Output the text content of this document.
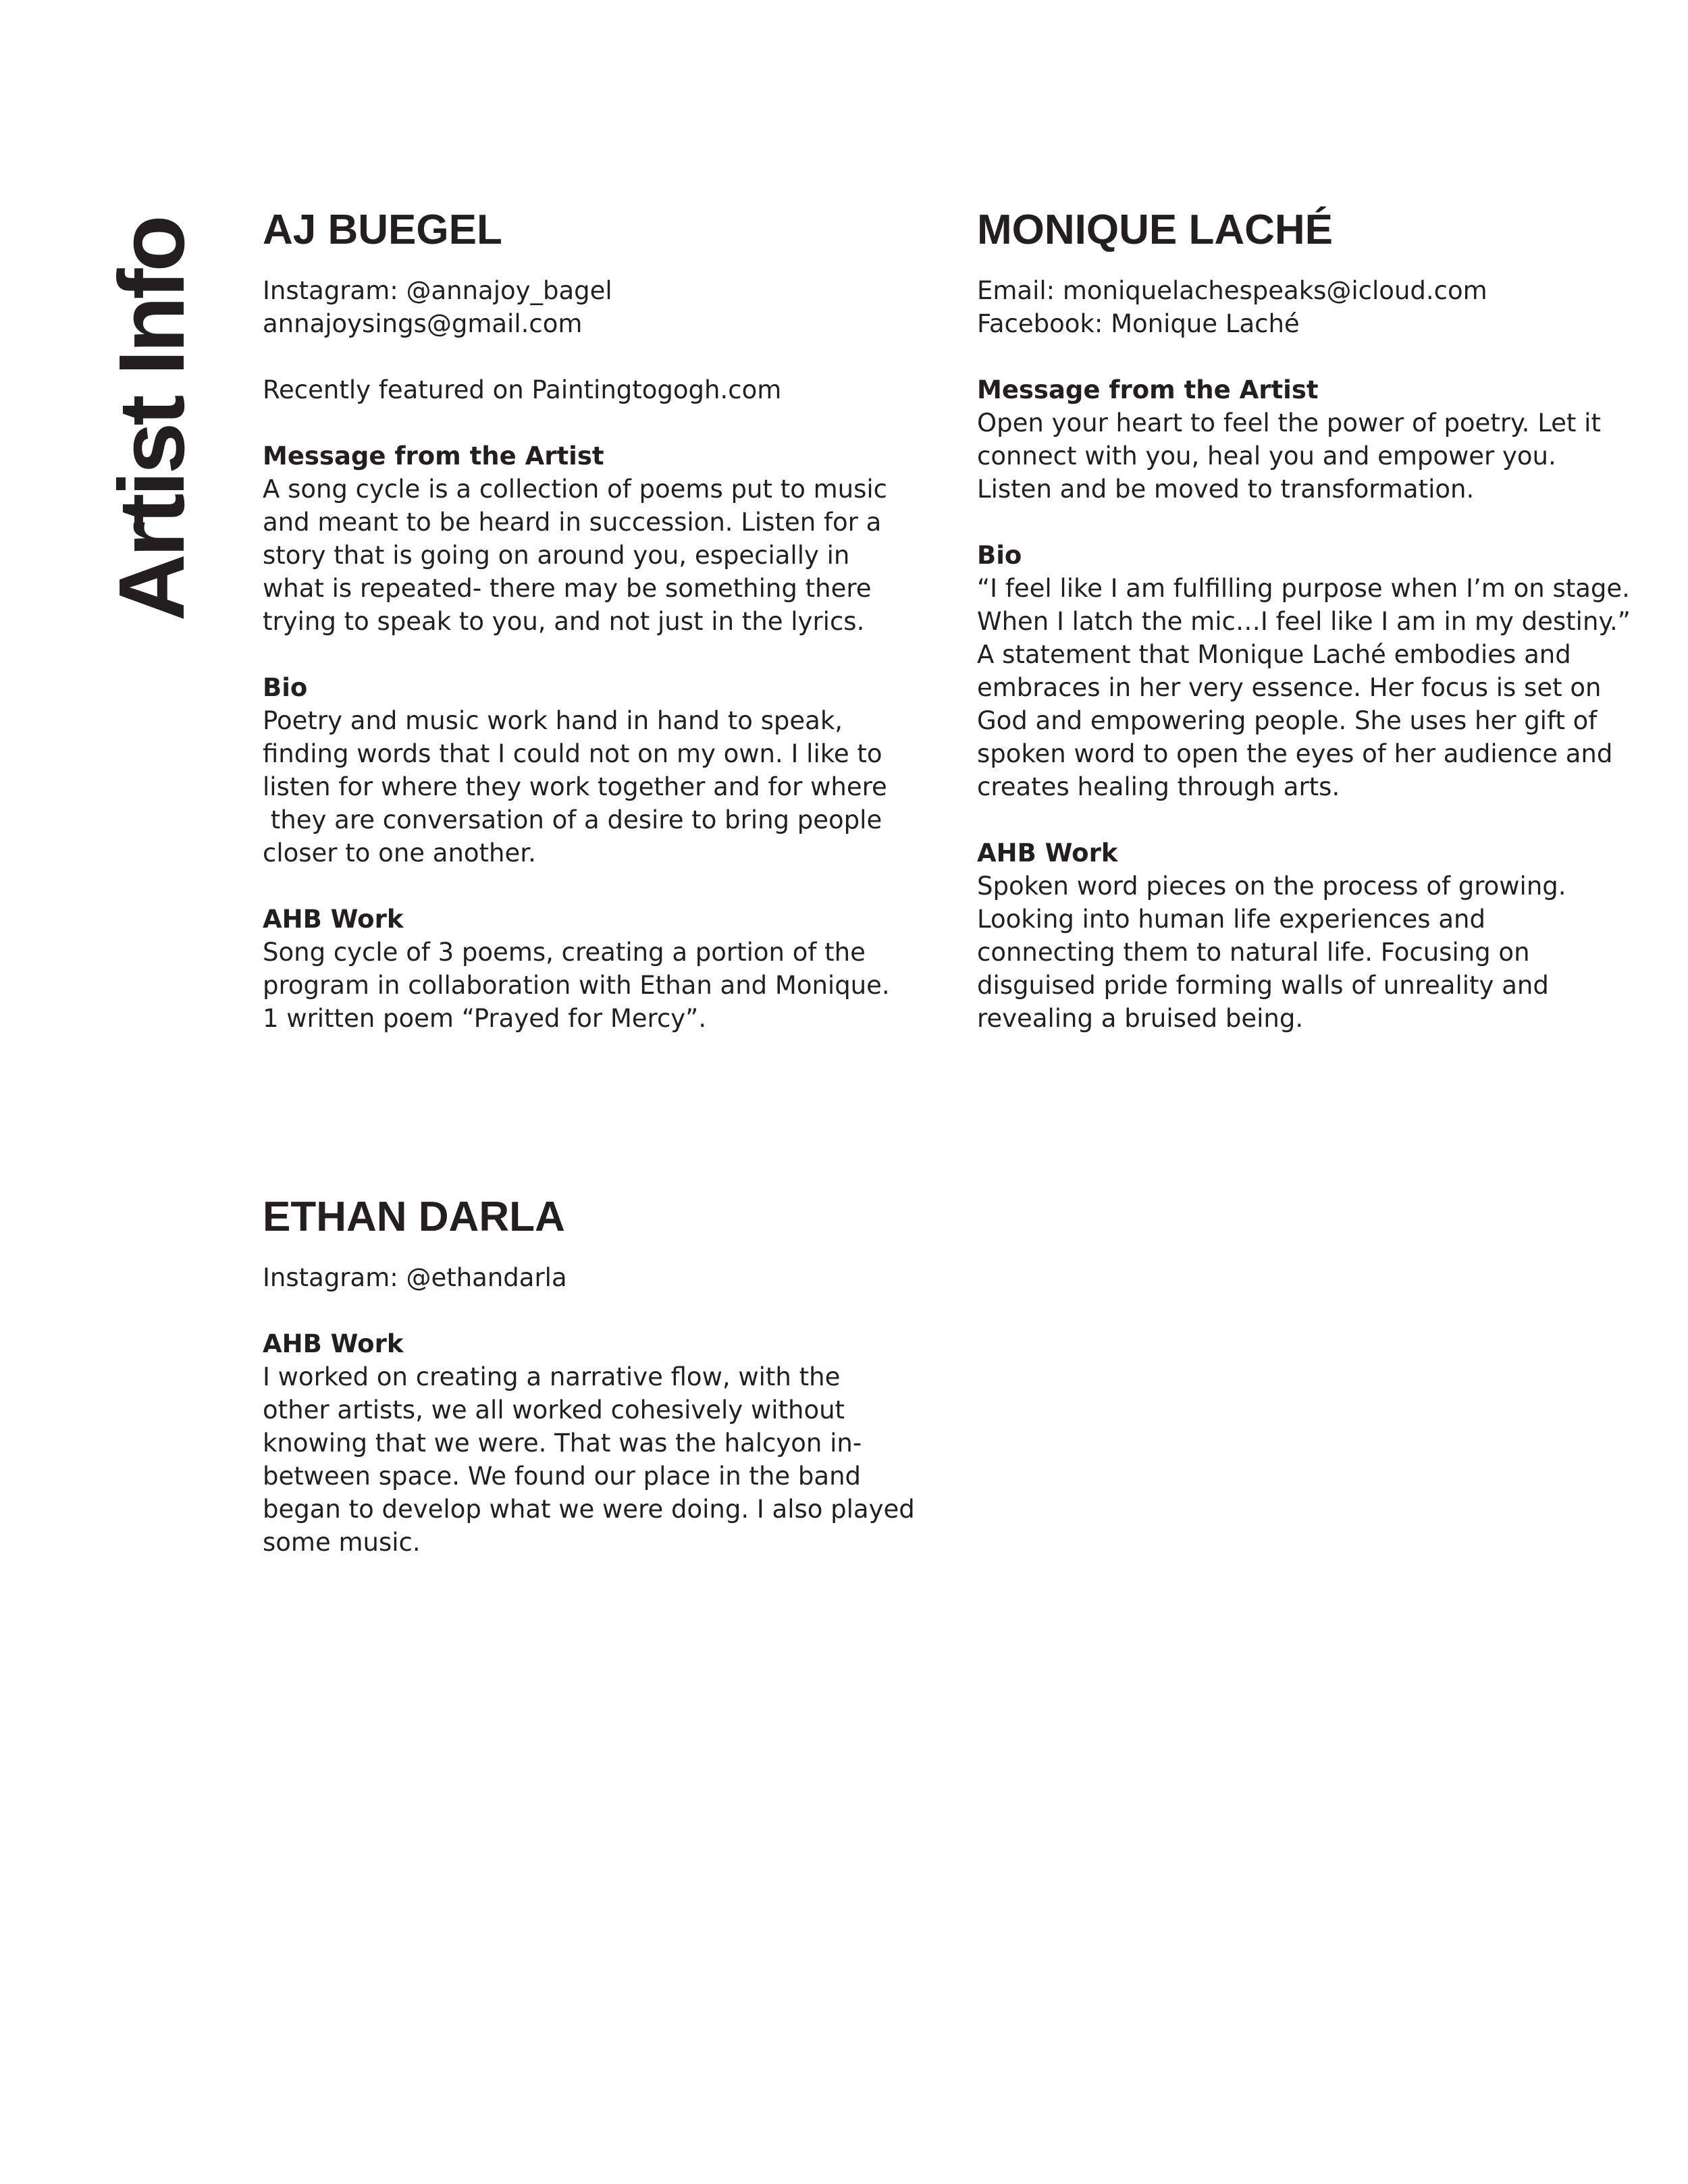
Artist Info AJ BUEGEL
Instagram: @annajoy_bagel
annajoysings@gmail.com
Recently featured on Paintingtogogh.com
Message from the Artist
A song cycle is a collection of poems put to music
and meant to be heard in succession. Listen for a
story that is going on around you, especially in
what is repeated- there may be something there
trying to speak to you, and not just in the lyrics.
Bio
Poetry and music work hand in hand to speak,
finding words that I could not on my own. I like to
listen for where they work together and for where
they are conversation of a desire to bring people
closer to one another.
AHB Work
Song cycle of 3 poems, creating a portion of the
program in collaboration with Ethan and Monique.
1 written poem “Prayed for Mercy”.
MONIQUE LACHÉ
Email: moniquelachespeaks@icloud.com
Facebook: Monique Laché
Message from the Artist
Open your heart to feel the power of poetry. Let it
connect with you, heal you and empower you.
Listen and be moved to transformation.
Bio
“I feel like I am fulfilling purpose when I’m on stage.
When I latch the mic…I feel like I am in my destiny.”
A statement that Monique Laché embodies and
embraces in her very essence. Her focus is set on
God and empowering people. She uses her gift of
spoken word to open the eyes of her audience and
creates healing through arts.
AHB Work
Spoken word pieces on the process of growing.
Looking into human life experiences and
connecting them to natural life. Focusing on
disguised pride forming walls of unreality and
revealing a bruised being.
ETHAN DARLA
Instagram: @ethandarla
AHB Work
I worked on creating a narrative flow, with the
other artists, we all worked cohesively without
knowing that we were. That was the halcyon in-
between space. We found our place in the band
began to develop what we were doing. I also played
some music.
